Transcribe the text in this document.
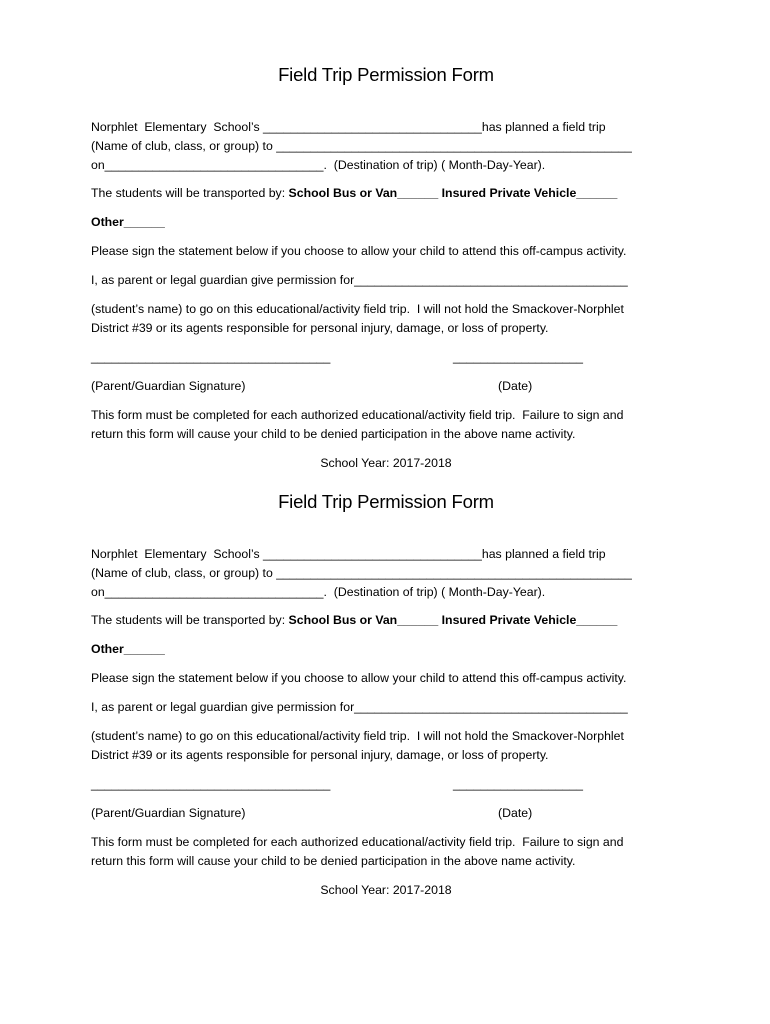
Field Trip Permission Form
Norphlet  Elementary  School’s ________________________________has planned a field trip
(Name of club, class, or group) to ____________________________________________________
on________________________________.  (Destination of trip) ( Month-Day-Year).
The students will be transported by: School Bus or Van______ Insured Private Vehicle______
Other______
Please sign the statement below if you choose to allow your child to attend this off-campus activity.
I, as parent or legal guardian give permission for________________________________________
(student’s name) to go on this educational/activity field trip.  I will not hold the Smackover-Norphlet
District #39 or its agents responsible for personal injury, damage, or loss of property.
___________________________________	___________________
(Parent/Guardian Signature)	(Date)
This form must be completed for each authorized educational/activity field trip.  Failure to sign and
return this form will cause your child to be denied participation in the above name activity.
School Year: 2017-2018
Field Trip Permission Form
Norphlet  Elementary  School’s ________________________________has planned a field trip
(Name of club, class, or group) to ____________________________________________________
on________________________________.  (Destination of trip) ( Month-Day-Year).
The students will be transported by: School Bus or Van______ Insured Private Vehicle______
Other______
Please sign the statement below if you choose to allow your child to attend this off-campus activity.
I, as parent or legal guardian give permission for________________________________________
(student’s name) to go on this educational/activity field trip.  I will not hold the Smackover-Norphlet
District #39 or its agents responsible for personal injury, damage, or loss of property.
___________________________________	___________________
(Parent/Guardian Signature)	(Date)
This form must be completed for each authorized educational/activity field trip.  Failure to sign and
return this form will cause your child to be denied participation in the above name activity.
School Year: 2017-2018
